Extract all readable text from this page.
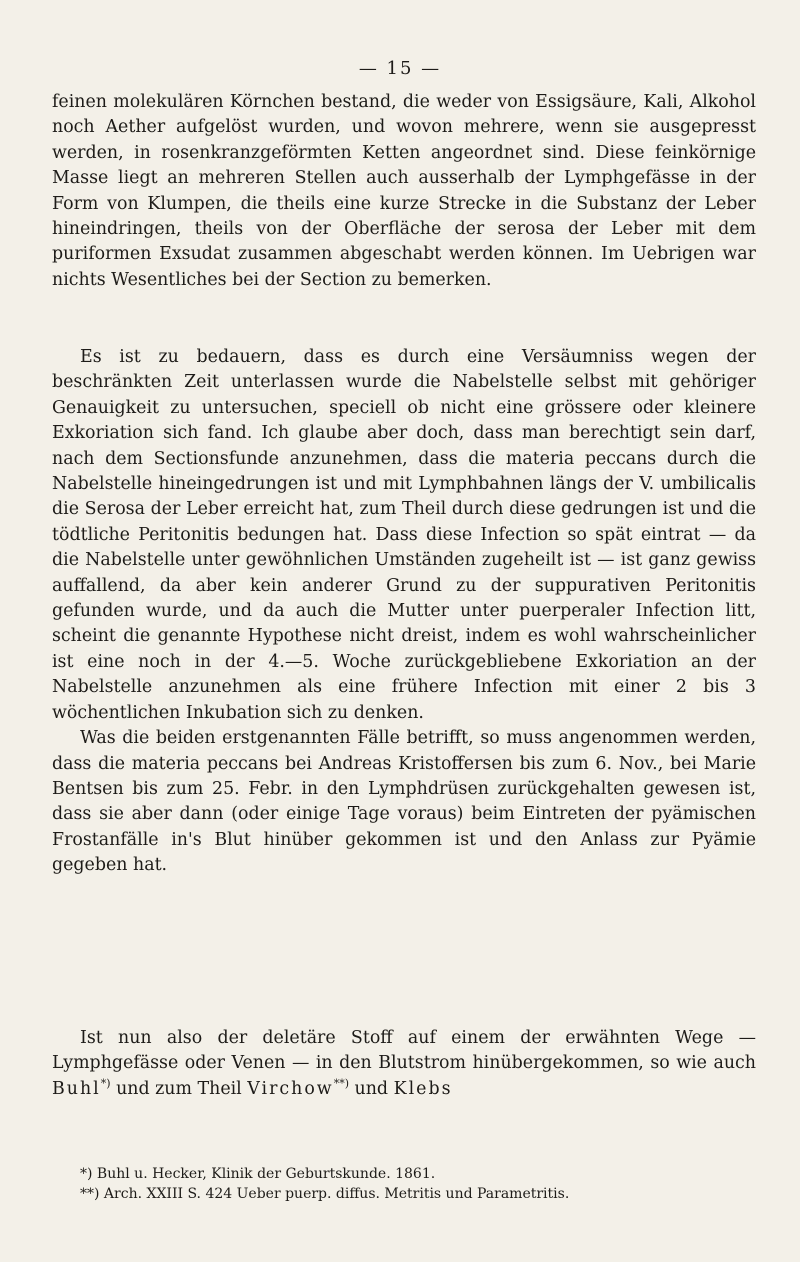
— 15 —

feinen molekulären Körnchen bestand, die weder von Essigsäure, Kali, Alkohol noch Aether aufgelöst wurden, und wovon mehrere, wenn sie ausgepresst werden, in rosenkranzgeförmten Ketten angeordnet sind. Diese feinkörnige Masse liegt an mehreren Stellen auch ausserhalb der Lymphgefässe in der Form von Klumpen, die theils eine kurze Strecke in die Substanz der Leber hineindringen, theils von der Oberfläche der serosa der Leber mit dem puriformen Exsudat zusammen abgeschabt werden können. Im Uebrigen war nichts Wesentliches bei der Section zu bemerken.

Es ist zu bedauern, dass es durch eine Versäumniss wegen der beschränkten Zeit unterlassen wurde die Nabelstelle selbst mit gehöriger Genauigkeit zu untersuchen, speciell ob nicht eine grössere oder kleinere Exkoriation sich fand. Ich glaube aber doch, dass man berechtigt sein darf, nach dem Sectionsfunde anzunehmen, dass die materia peccans durch die Nabelstelle hineingedrungen ist und mit Lymphbahnen längs der V. umbilicalis die Serosa der Leber erreicht hat, zum Theil durch diese gedrungen ist und die tödtliche Peritonitis bedungen hat. Dass diese Infection so spät eintrat — da die Nabelstelle unter gewöhnlichen Umständen zugeheilt ist — ist ganz gewiss auffallend, da aber kein anderer Grund zu der suppurativen Peritonitis gefunden wurde, und da auch die Mutter unter puerperaler Infection litt, scheint die genannte Hypothese nicht dreist, indem es wohl wahrscheinlicher ist eine noch in der 4.—5. Woche zurückgebliebene Exkoriation an der Nabelstelle anzunehmen als eine frühere Infection mit einer 2 bis 3 wöchentlichen Inkubation sich zu denken.

Was die beiden erstgenannten Fälle betrifft, so muss angenommen werden, dass die materia peccans bei Andreas Kristoffersen bis zum 6. Nov., bei Marie Bentsen bis zum 25. Febr. in den Lymphdrüsen zurückgehalten gewesen ist, dass sie aber dann (oder einige Tage voraus) beim Eintreten der pyämischen Frostanfälle in's Blut hinüber gekommen ist und den Anlass zur Pyämie gegeben hat.

Ist nun also der deletäre Stoff auf einem der erwähnten Wege — Lymphgefässe oder Venen — in den Blutstrom hinübergekommen, so wie auch Buhl*) und zum Theil Virchow**) und Klebs

*) Buhl u. Hecker, Klinik der Geburtskunde. 1861.
**) Arch. XXIII S. 424 Ueber puerp. diffus. Metritis und Parametritis.
